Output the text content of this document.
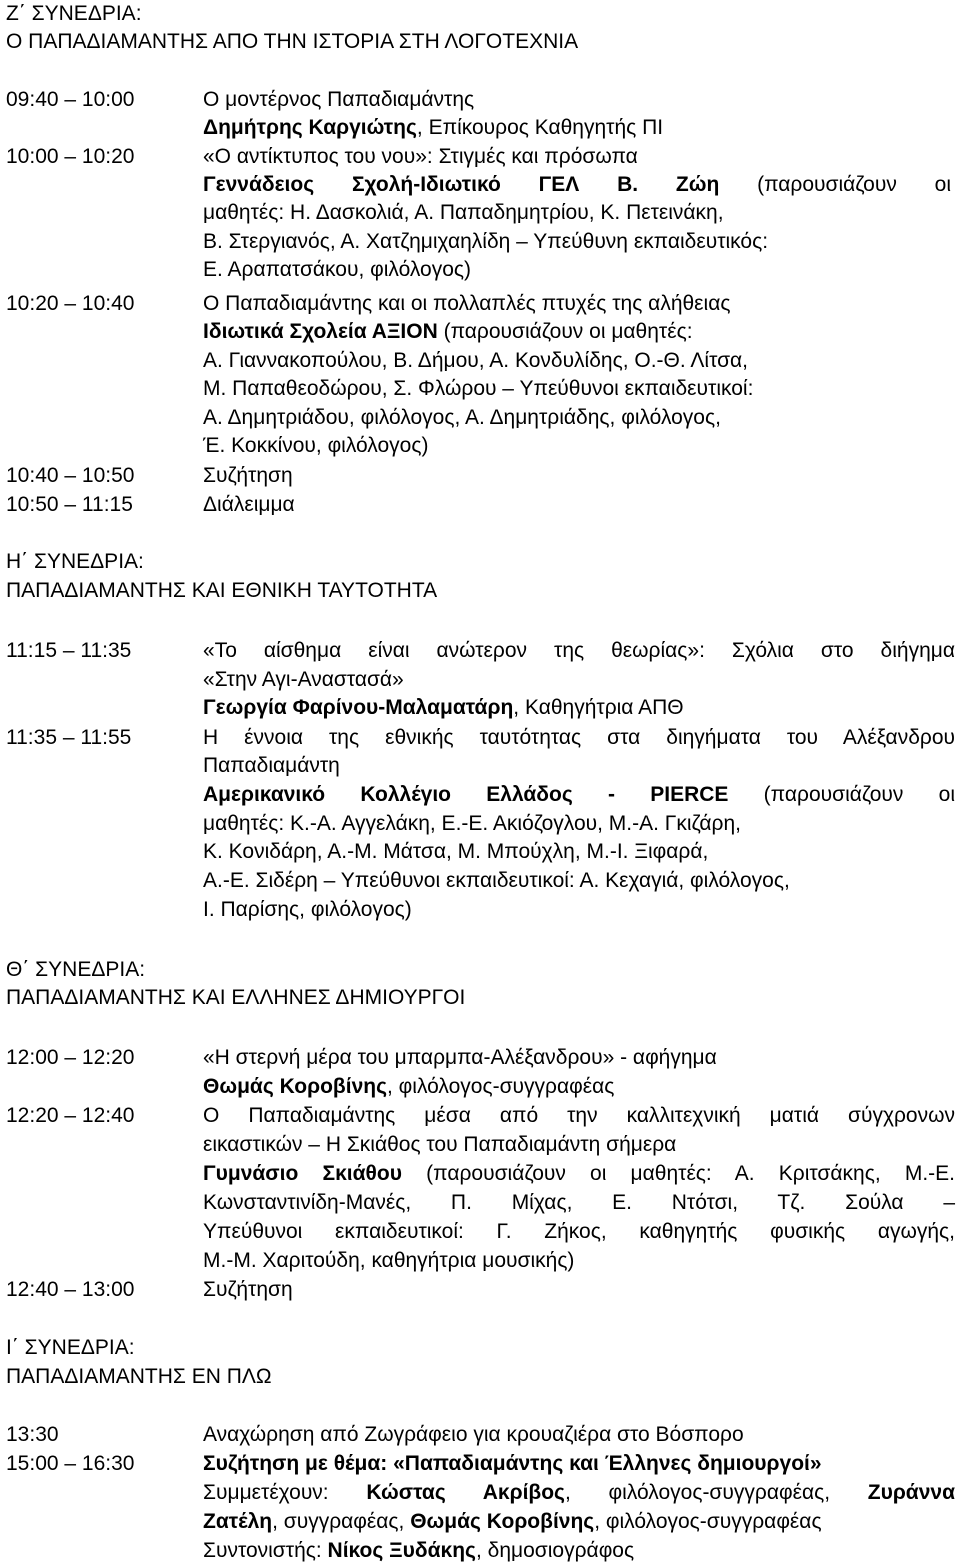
Ζ΄ ΣΥΝΕΔΡΙΑ:
Ο ΠΑΠΑΔΙΑΜΑΝΤΗΣ ΑΠΟ ΤΗΝ ΙΣΤΟΡΙΑ ΣΤΗ ΛΟΓΟΤΕΧΝΙΑ
09:40 – 10:00	Ο μοντέρνος Παπαδιαμάντης
Δημήτρης Καργιώτης, Επίκουρος Καθηγητής ΠΙ
10:00 – 10:20	«Ο αντίκτυπος του νου»: Στιγμές και πρόσωπα
Γεννάδειος Σχολή-Ιδιωτικό ΓΕΛ Β. Ζώη (παρουσιάζουν οι
μαθητές: Η. Δασκολιά, Α. Παπαδημητρίου, Κ. Πετεινάκη,
Β. Στεργιανός, Α. Χατζημιχαηλίδη – Υπεύθυνη εκπαιδευτικός:
Ε. Αραπατσάκου, φιλόλογος)
10:20 – 10:40	Ο Παπαδιαμάντης και οι πολλαπλές πτυχές της αλήθειας
Ιδιωτικά Σχολεία ΑΞΙΟΝ (παρουσιάζουν οι μαθητές:
Α. Γιαννακοπούλου, Β. Δήμου, Α. Κονδυλίδης, Ο.-Θ. Λίτσα,
Μ. Παπαθεοδώρου, Σ. Φλώρου – Υπεύθυνοι εκπαιδευτικοί:
Α. Δημητριάδου, φιλόλογος, Α. Δημητριάδης, φιλόλογος,
Έ. Κοκκίνου, φιλόλογος)
10:40 – 10:50	Συζήτηση
10:50 – 11:15	Διάλειμμα
Η΄ ΣΥΝΕΔΡΙΑ:
ΠΑΠΑΔΙΑΜΑΝΤΗΣ ΚΑΙ ΕΘΝΙΚΗ ΤΑΥΤΟΤΗΤΑ
11:15 – 11:35	«Το αίσθημα είναι ανώτερον της θεωρίας»: Σχόλια στο διήγημα
«Στην Αγι-Αναστασά»
Γεωργία Φαρίνου-Μαλαματάρη, Καθηγήτρια ΑΠΘ
11:35 – 11:55	Η έννοια της εθνικής ταυτότητας στα διηγήματα του Αλέξανδρου
Παπαδιαμάντη
Αμερικανικό Κολλέγιο Ελλάδος - PIERCE (παρουσιάζουν οι
μαθητές: Κ.-Α. Αγγελάκη, Ε.-Ε. Ακιόζογλου, Μ.-Α. Γκιζάρη,
Κ. Κονιδάρη, Α.-Μ. Μάτσα, Μ. Μπούχλη, Μ.-Ι. Ξιφαρά,
Α.-Ε. Σιδέρη – Υπεύθυνοι εκπαιδευτικοί: Α. Κεχαγιά, φιλόλογος,
Ι. Παρίσης, φιλόλογος)
Θ΄ ΣΥΝΕΔΡΙΑ:
ΠΑΠΑΔΙΑΜΑΝΤΗΣ ΚΑΙ ΕΛΛΗΝΕΣ ΔΗΜΙΟΥΡΓΟΙ
12:00 – 12:20	«Η στερνή μέρα του μπαρμπα-Αλέξανδρου» - αφήγημα
Θωμάς Κοροβίνης, φιλόλογος-συγγραφέας
12:20 – 12:40	Ο Παπαδιαμάντης μέσα από την καλλιτεχνική ματιά σύγχρονων
εικαστικών – Η Σκιάθος του Παπαδιαμάντη σήμερα
Γυμνάσιο Σκιάθου (παρουσιάζουν οι μαθητές: Α. Κριτσάκης, Μ.-Ε.
Κωνσταντινίδη-Μανές, Π. Μίχας, Ε. Ντότσι, Τζ. Σούλα –
Υπεύθυνοι εκπαιδευτικοί: Γ. Ζήκος, καθηγητής φυσικής αγωγής,
Μ.-Μ. Χαριτούδη, καθηγήτρια μουσικής)
12:40 – 13:00	Συζήτηση
Ι΄ ΣΥΝΕΔΡΙΑ:
ΠΑΠΑΔΙΑΜΑΝΤΗΣ ΕΝ ΠΛΩ
13:30	Αναχώρηση από Ζωγράφειο για κρουαζιέρα στο Βόσπορο
15:00 – 16:30	Συζήτηση με θέμα: «Παπαδιαμάντης και Έλληνες δημιουργοί»
Συμμετέχουν: Κώστας Ακρίβος, φιλόλογος-συγγραφέας, Ζυράννα
Ζατέλη, συγγραφέας, Θωμάς Κοροβίνης, φιλόλογος-συγγραφέας
Συντονιστής: Νίκος Ξυδάκης, δημοσιογράφος
